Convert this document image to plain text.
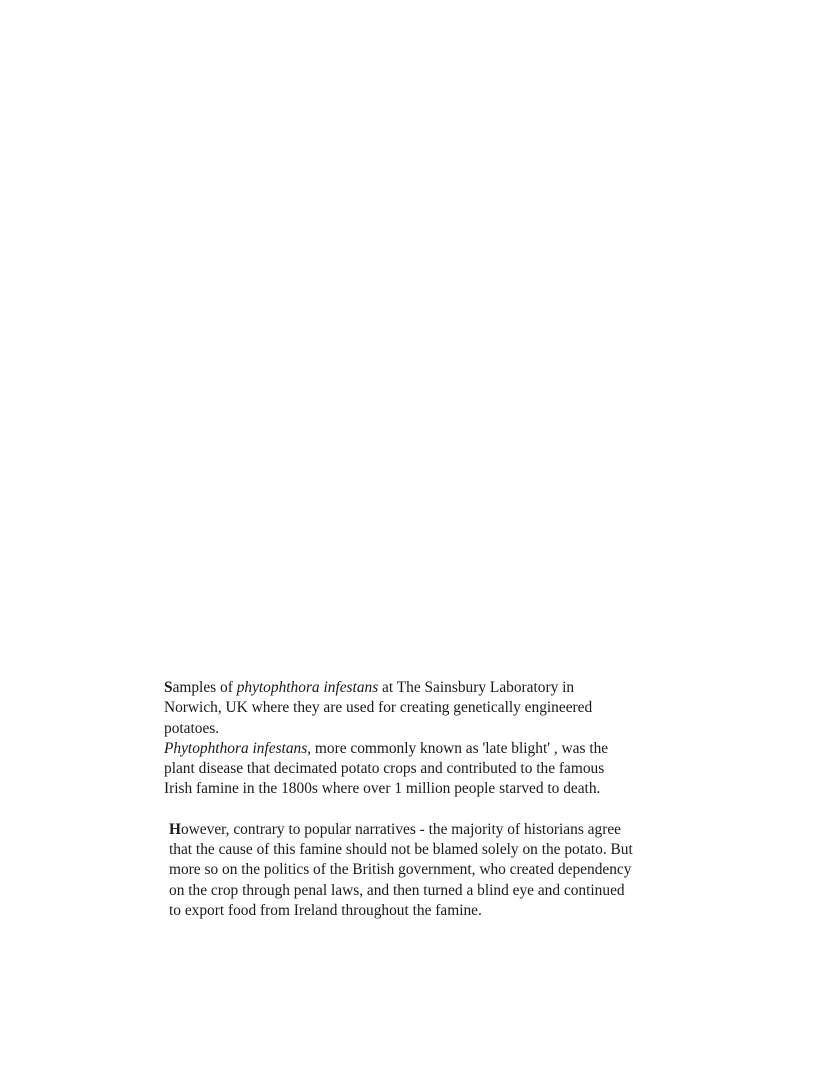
Samples of phytophthora infestans at The Sainsbury Laboratory in Norwich, UK where they are used for creating genetically engineered potatoes.

Phytophthora infestans, more commonly known as 'late blight' , was the plant disease that decimated potato crops and contributed to the famous Irish famine in the 1800s where over 1 million people starved to death.

However, contrary to popular narratives - the majority of historians agree that the cause of this famine should not be blamed solely on the potato. But more so on the politics of the British government, who created dependency on the crop through penal laws, and then turned a blind eye and continued to export food from Ireland throughout the famine.
